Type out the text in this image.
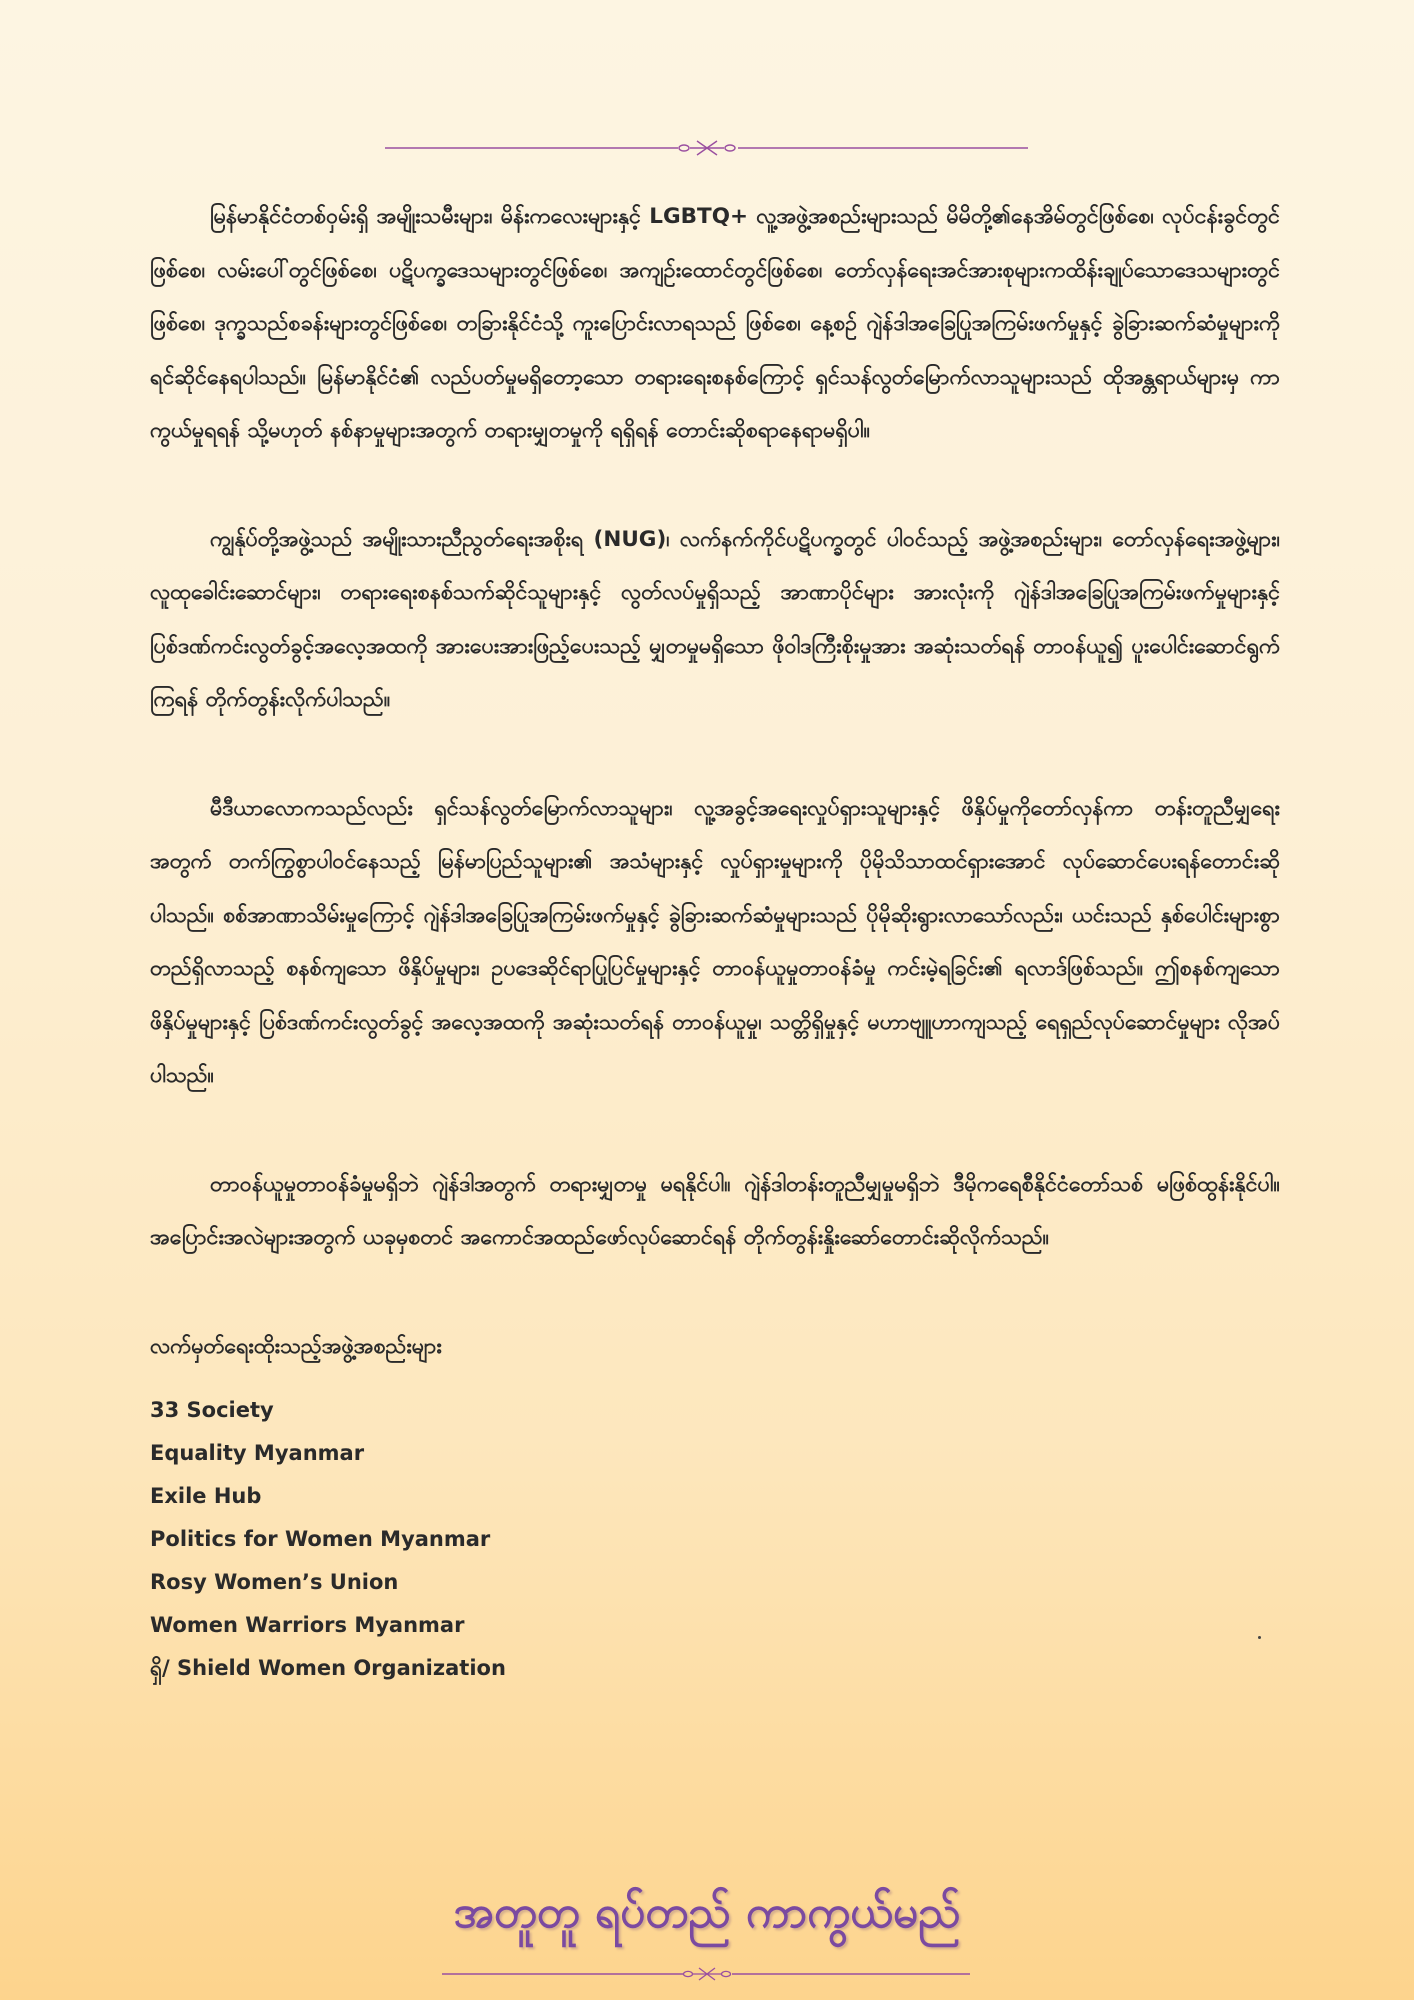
မြန်မာနိုင်ငံတစ်ဝှမ်းရှိ အမျိုးသမီးများ၊ မိန်းကလေးများနှင့် LGBTQ+ လူ့အဖွဲ့အစည်းများသည် မိမိတို့၏နေအိမ်တွင်ဖြစ်စေ၊ လုပ်ငန်းခွင်တွင်ဖြစ်စေ၊ လမ်းပေါ်တွင်ဖြစ်စေ၊ ပဋိပက္ခဒေသများတွင်ဖြစ်စေ၊ အကျဉ်းထောင်တွင်ဖြစ်စေ၊ တော်လှန်ရေးအင်အားစုများကထိန်းချုပ်သောဒေသများတွင်ဖြစ်စေ၊ ဒုက္ခသည်စခန်းများတွင်ဖြစ်စေ၊ တခြားနိုင်ငံသို့ ကူးပြောင်းလာရသည် ဖြစ်စေ၊ နေ့စဉ် ဂျဲန်ဒါအခြေပြုအကြမ်းဖက်မှုနှင့် ခွဲခြားဆက်ဆံမှုများကို ရင်ဆိုင်နေရပါသည်။ မြန်မာနိုင်ငံ၏ လည်ပတ်မှုမရှိတော့သော တရားရေးစနစ်ကြောင့် ရှင်သန်လွတ်မြောက်လာသူများသည် ထိုအန္တရာယ်များမှ ကာကွယ်မှုရရန် သို့မဟုတ် နစ်နာမှုများအတွက် တရားမျှတမှုကို ရရှိရန် တောင်းဆိုစရာနေရာမရှိပါ။

ကျွန်ုပ်တို့အဖွဲ့သည် အမျိုးသားညီညွတ်ရေးအစိုးရ (NUG)၊ လက်နက်ကိုင်ပဋိပက္ခတွင် ပါဝင်သည့် အဖွဲ့အစည်းများ၊ တော်လှန်ရေးအဖွဲ့များ၊ လူထုခေါင်းဆောင်များ၊ တရားရေးစနစ်သက်ဆိုင်သူများနှင့် လွတ်လပ်မှုရှိသည့် အာဏာပိုင်များ အားလုံးကို ဂျဲန်ဒါအခြေပြုအကြမ်းဖက်မှုများနှင့် ပြစ်ဒဏ်ကင်းလွတ်ခွင့်အလေ့အထကို အားပေးအားဖြည့်ပေးသည့် မျှတမှုမရှိသော ဖိုဝါဒကြီးစိုးမှုအား အဆုံးသတ်ရန် တာဝန်ယူ၍ ပူးပေါင်းဆောင်ရွက်ကြရန် တိုက်တွန်းလိုက်ပါသည်။

မီဒီယာလောကသည်လည်း ရှင်သန်လွတ်မြောက်လာသူများ၊ လူ့အခွင့်အရေးလှုပ်ရှားသူများနှင့် ဖိနှိပ်မှုကိုတော်လှန်ကာ တန်းတူညီမျှရေးအတွက် တက်ကြွစွာပါဝင်နေသည့် မြန်မာပြည်သူများ၏ အသံများနှင့် လှုပ်ရှားမှုများကို ပိုမိုသိသာထင်ရှားအောင် လုပ်ဆောင်ပေးရန်တောင်းဆိုပါသည်။ စစ်အာဏာသိမ်းမှုကြောင့် ဂျဲန်ဒါအခြေပြုအကြမ်းဖက်မှုနှင့် ခွဲခြားဆက်ဆံမှုများသည် ပိုမိုဆိုးရွားလာသော်လည်း၊ ယင်းသည် နှစ်ပေါင်းများစွာ တည်ရှိလာသည့် စနစ်ကျသော ဖိနှိပ်မှုများ၊ ဥပဒေဆိုင်ရာပြုပြင်မှုများနှင့် တာဝန်ယူမှုတာဝန်ခံမှု ကင်းမဲ့ရခြင်း၏ ရလာဒ်ဖြစ်သည်။ ဤစနစ်ကျသောဖိနှိပ်မှုများနှင့် ပြစ်ဒဏ်ကင်းလွတ်ခွင့် အလေ့အထကို အဆုံးသတ်ရန် တာဝန်ယူမှု၊ သတ္တိရှိမှုနှင့် မဟာဗျူဟာကျသည့် ရေရှည်လုပ်ဆောင်မှုများ လိုအပ်ပါသည်။

တာဝန်ယူမှုတာဝန်ခံမှုမရှိဘဲ ဂျဲန်ဒါအတွက် တရားမျှတမှု မရနိုင်ပါ။ ဂျဲန်ဒါတန်းတူညီမျှမှုမရှိဘဲ ဒီမိုကရေစီနိုင်ငံတော်သစ် မဖြစ်ထွန်းနိုင်ပါ။ အပြောင်းအလဲများအတွက် ယခုမှစတင် အကောင်အထည်ဖော်လုပ်ဆောင်ရန် တိုက်တွန်းနှိုးဆော်တောင်းဆိုလိုက်သည်။

လက်မှတ်ရေးထိုးသည့်အဖွဲ့အစည်းများ
33 Society
Equality Myanmar
Exile Hub
Politics for Women Myanmar
Rosy Women’s Union
Women Warriors Myanmar
ရှိ/ Shield Women Organization
အတူတူ ရပ်တည် ကာကွယ်မည်
